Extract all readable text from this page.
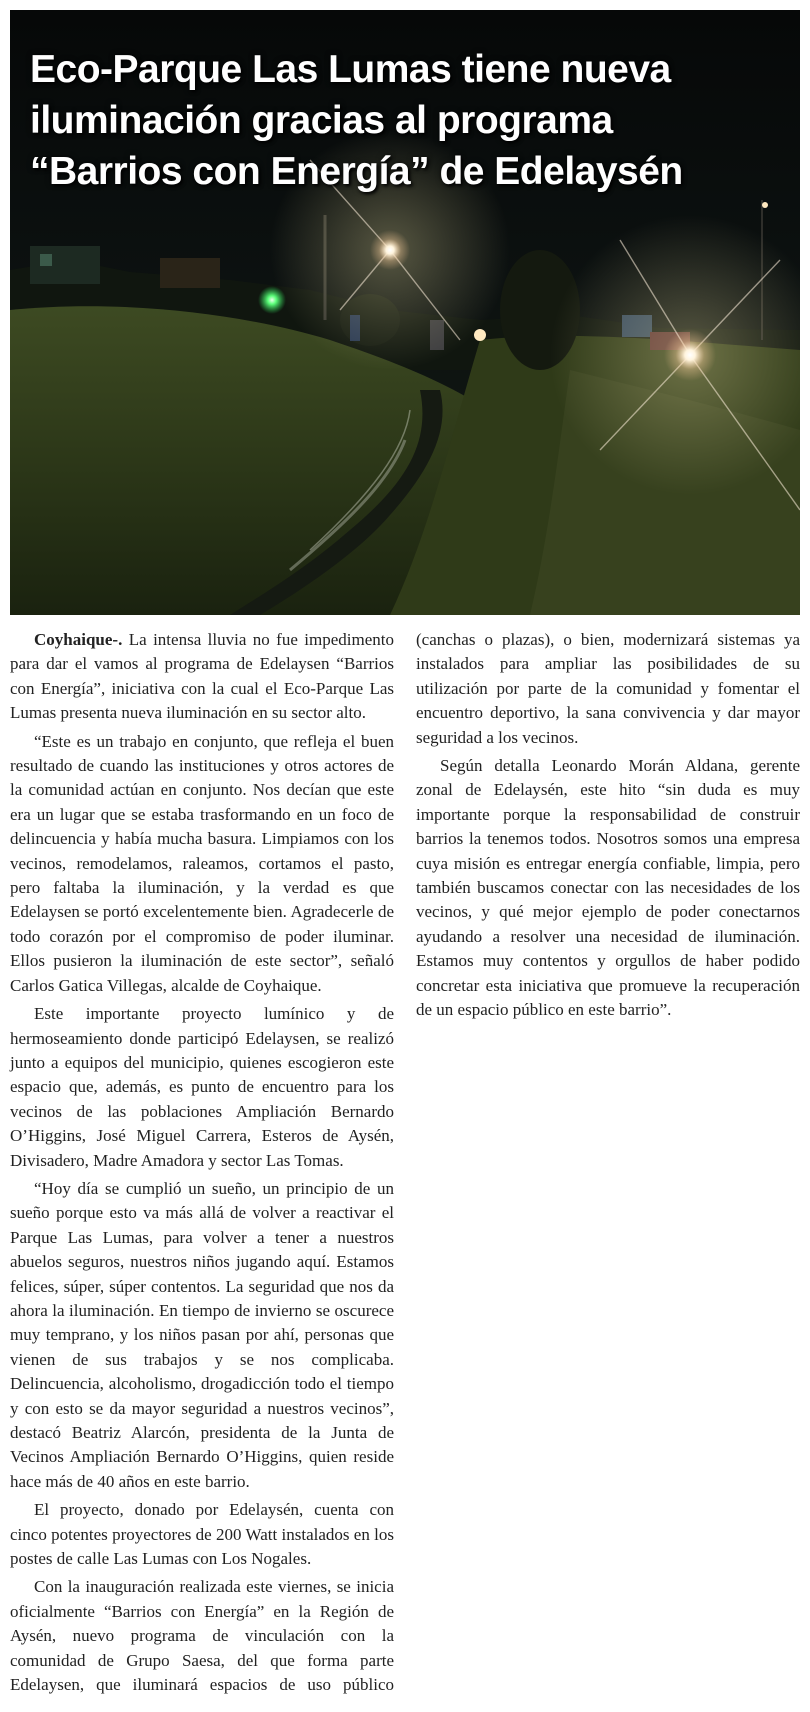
Eco-Parque Las Lumas tiene nueva iluminación gracias al programa “Barrios con Energía” de Edelaysén

Coyhaique-. La intensa lluvia no fue impedimento para dar el vamos al programa de Edelaysen “Barrios con Energía”, iniciativa con la cual el Eco-Parque Las Lumas presenta nueva iluminación en su sector alto.

“Este es un trabajo en conjunto, que refleja el buen resultado de cuando las instituciones y otros actores de la comunidad actúan en conjunto. Nos decían que este era un lugar que se estaba trasformando en un foco de delincuencia y había mucha basura. Limpiamos con los vecinos, remodelamos, raleamos, cortamos el pasto, pero faltaba la iluminación, y la verdad es que Edelaysen se portó excelentemente bien. Agradecerle de todo corazón por el compromiso de poder iluminar. Ellos pusieron la iluminación de este sector”, señaló Carlos Gatica Villegas, alcalde de Coyhaique.

Este importante proyecto lumínico y de hermoseamiento donde participó Edelaysen, se realizó junto a equipos del municipio, quienes escogieron este espacio que, además, es punto de encuentro para los vecinos de las poblaciones Ampliación Bernardo O’Higgins, José Miguel Carrera, Esteros de Aysén, Divisadero, Madre Amadora y sector Las Tomas.

“Hoy día se cumplió un sueño, un principio de un sueño porque esto va más allá de volver a reactivar el Parque Las Lumas, para volver a tener a nuestros abuelos seguros, nuestros niños jugando aquí. Estamos felices, súper, súper contentos. La seguridad que nos da ahora la iluminación. En tiempo de invierno se oscurece muy temprano, y los niños pasan por ahí, personas que vienen de sus trabajos y se nos complicaba. Delincuencia, alcoholismo, drogadicción todo el tiempo y con esto se da mayor seguridad a nuestros vecinos”, destacó Beatriz Alarcón, presidenta de la Junta de Vecinos Ampliación Bernardo O’Higgins, quien reside hace más de 40 años en este barrio.

El proyecto, donado por Edelaysén, cuenta con cinco potentes proyectores de 200 Watt instalados en los postes de calle Las Lumas con Los Nogales.

Con la inauguración realizada este viernes, se inicia oficialmente “Barrios con Energía” en la Región de Aysén, nuevo programa de vinculación con la comunidad de Grupo Saesa, del que forma parte Edelaysen, que iluminará espacios de uso público (canchas o plazas), o bien, modernizará sistemas ya instalados para ampliar las posibilidades de su utilización por parte de la comunidad y fomentar el encuentro deportivo, la sana convivencia y dar mayor seguridad a los vecinos.

Según detalla Leonardo Morán Aldana, gerente zonal de Edelaysén, este hito “sin duda es muy importante porque la responsabilidad de construir barrios la tenemos todos. Nosotros somos una empresa cuya misión es entregar energía confiable, limpia, pero también buscamos conectar con las necesidades de los vecinos, y qué mejor ejemplo de poder conectarnos ayudando a resolver una necesidad de iluminación. Estamos muy contentos y orgullos de haber podido concretar esta iniciativa que promueve la recuperación de un espacio público en este barrio”.
